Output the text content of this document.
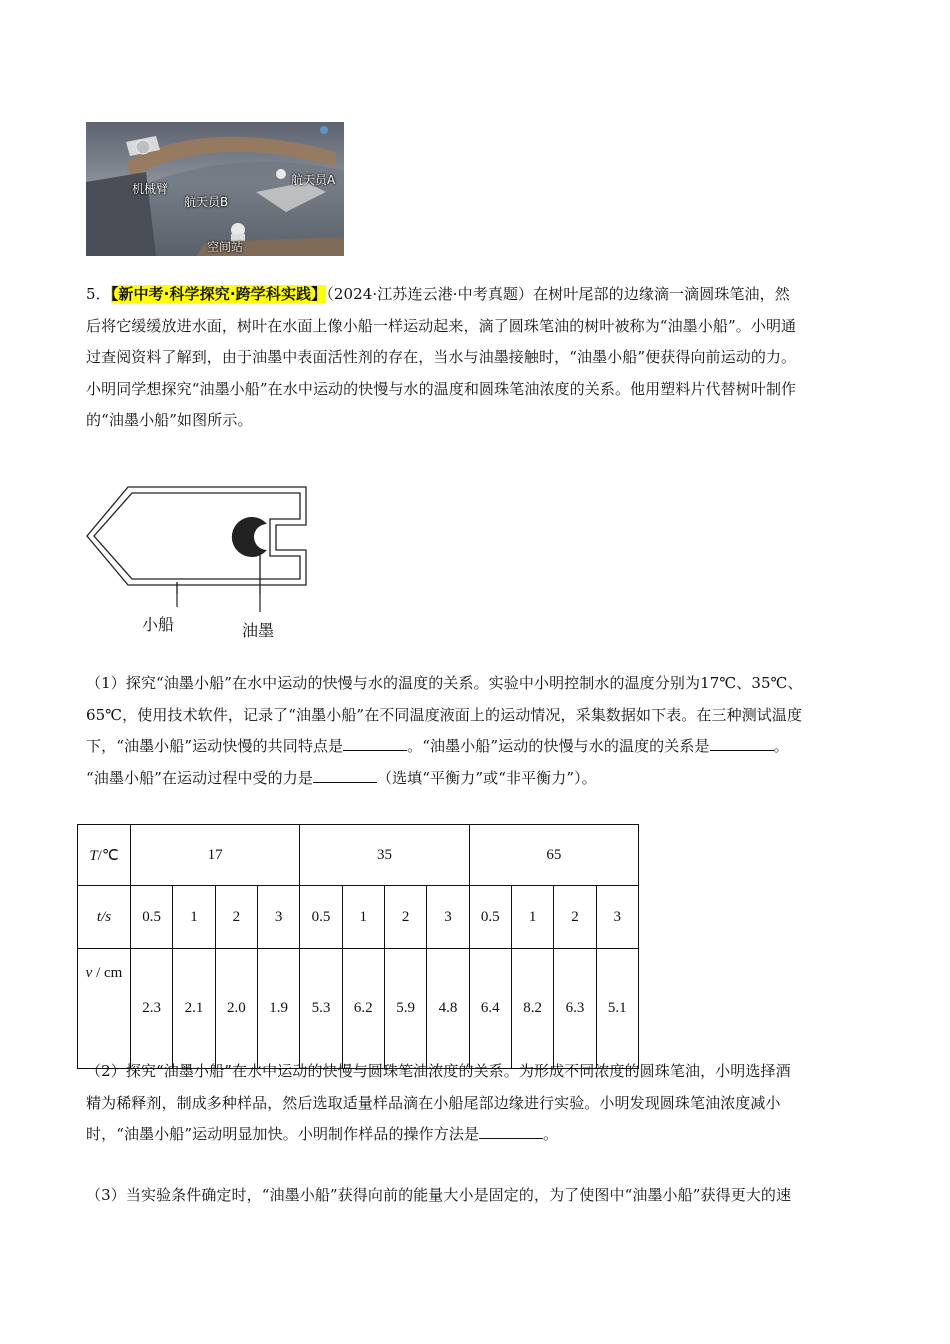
机械臂
航天员A
航天员B
空间站
5．【新中考·科学探究·跨学科实践】（2024·江苏连云港·中考真题）在树叶尾部的边缘滴一滴圆珠笔油，然
后将它缓缓放进水面，树叶在水面上像小船一样运动起来，滴了圆珠笔油的树叶被称为“油墨小船”。小明通
过查阅资料了解到，由于油墨中表面活性剂的存在，当水与油墨接触时，“油墨小船”便获得向前运动的力。
小明同学想探究“油墨小船”在水中运动的快慢与水的温度和圆珠笔油浓度的关系。他用塑料片代替树叶制作
的“油墨小船”如图所示。
小船	油墨
（1）探究“油墨小船”在水中运动的快慢与水的温度的关系。实验中小明控制水的温度分别为17℃、35℃、
65℃，使用技术软件，记录了“油墨小船”在不同温度液面上的运动情况，采集数据如下表。在三种测试温度
下，“油墨小船”运动快慢的共同特点是	。“油墨小船”运动的快慢与水的温度的关系是	。
“油墨小船”在运动过程中受的力是	（选填“平衡力”或“非平衡力”）。
T/℃	17				35				65			
t/s	0.5	1	2	3	0.5	1	2	3	0.5	1	2	3
v / cm	2.3	2.1	2.0	1.9	5.3	6.2	5.9	4.8	6.4	8.2	6.3	5.1
（2）探究“油墨小船”在水中运动的快慢与圆珠笔油浓度的关系。为形成不同浓度的圆珠笔油，小明选择酒
精为稀释剂，制成多种样品，然后选取适量样品滴在小船尾部边缘进行实验。小明发现圆珠笔油浓度减小
时，“油墨小船”运动明显加快。小明制作样品的操作方法是	。
（3）当实验条件确定时，“油墨小船”获得向前的能量大小是固定的，为了使图中“油墨小船”获得更大的速
